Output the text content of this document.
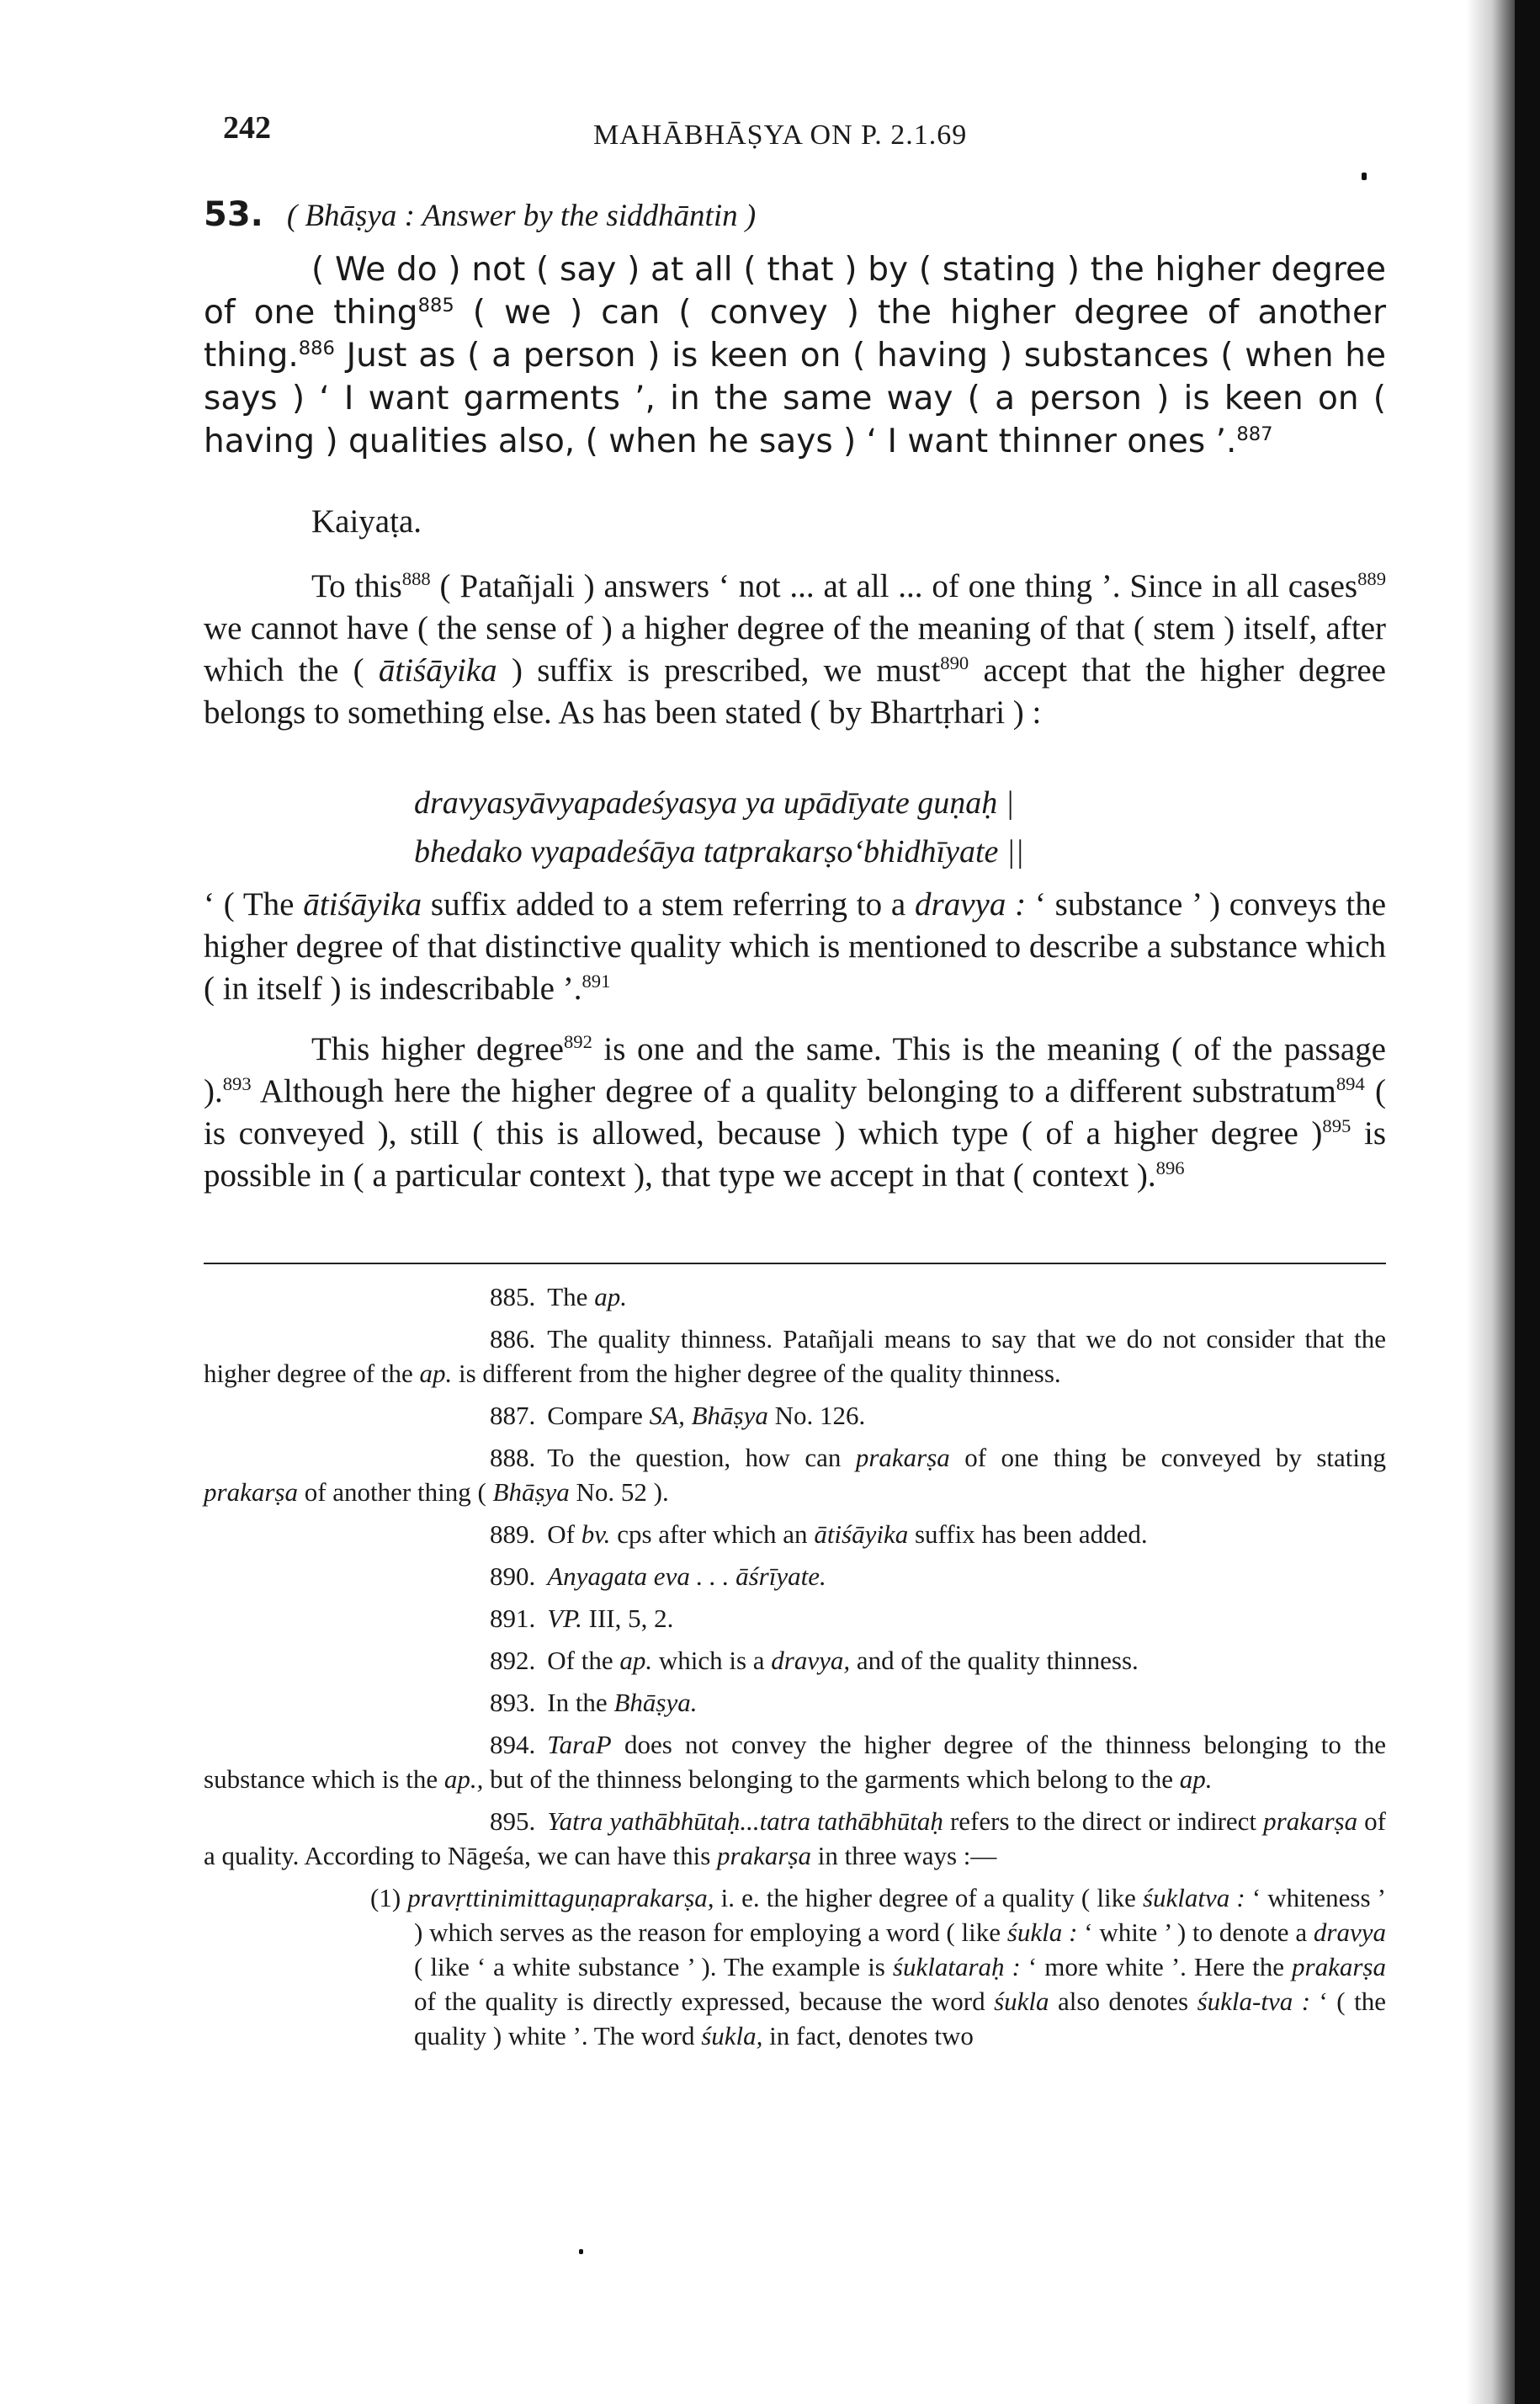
242	MAHĀBHĀṢYA ON P. 2.1.69
53. ( Bhāṣya : Answer by the siddhāntin )

( We do ) not ( say ) at all ( that ) by ( stating ) the higher degree of one thing$^{885}$ ( we ) can ( convey ) the higher degree of another thing.$^{886}$ Just as ( a person ) is keen on ( having ) substances ( when he says ) ‘ I want garments ’, in the same way ( a person ) is keen on ( having ) qualities also, ( when he says ) ‘ I want thinner ones ’.$^{887}$

Kaiyaṭa.

To this$^{888}$ ( Patañjali ) answers ‘ not ... at all ... of one thing ’. Since in all cases$^{889}$ we cannot have ( the sense of ) a higher degree of the meaning of that ( stem ) itself, after which the ( ātiśāyika ) suffix is prescribed, we must$^{890}$ accept that the higher degree belongs to something else. As has been stated ( by Bhartṛhari ) :

dravyasyāvyapadeśyasya ya upādīyate guṇaḥ |
bhedako vyapadeśāya tatprakarṣo‘bhidhīyate ||

‘ ( The ātiśāyika suffix added to a stem referring to a dravya : ‘ substance ’ ) conveys the higher degree of that distinctive quality which is mentioned to describe a substance which ( in itself ) is indescribable ’.$^{891}$

This higher degree$^{892}$ is one and the same. This is the meaning ( of the passage ).$^{893}$ Although here the higher degree of a quality belonging to a different substratum$^{894}$ ( is conveyed ), still ( this is allowed, because ) which type ( of a higher degree )$^{895}$ is possible in ( a particular context ), that type we accept in that ( context ).$^{896}$

885. The ap.

886. The quality thinness. Patañjali means to say that we do not consider that the higher degree of the ap. is different from the higher degree of the quality thinness.

887. Compare SA, Bhāṣya No. 126.

888. To the question, how can prakarṣa of one thing be conveyed by stating prakarṣa of another thing ( Bhāṣya No. 52 ).

889. Of bv. cps after which an ātiśāyika suffix has been added.

890. Anyagata eva . . . āśrīyate.

891. VP. III, 5, 2.

892. Of the ap. which is a dravya, and of the quality thinness.

893. In the Bhāṣya.

894. TaraP does not convey the higher degree of the thinness belonging to the substance which is the ap., but of the thinness belonging to the garments which belong to the ap.

895. Yatra yathābhūtaḥ...tatra tathābhūtaḥ refers to the direct or indirect prakarṣa of a quality. According to Nāgeśa, we can have this prakarṣa in three ways :—

(1) pravṛttinimittaguṇaprakarṣa, i. e. the higher degree of a quality ( like śuklatva : ‘ whiteness ’ ) which serves as the reason for employing a word ( like śukla : ‘ white ’ ) to denote a dravya ( like ‘ a white substance ’ ). The example is śuklataraḥ : ‘ more white ’. Here the prakarṣa of the quality is directly expressed, because the word śukla also denotes śukla-tva : ‘ ( the quality ) white ’. The word śukla, in fact, denotes two
